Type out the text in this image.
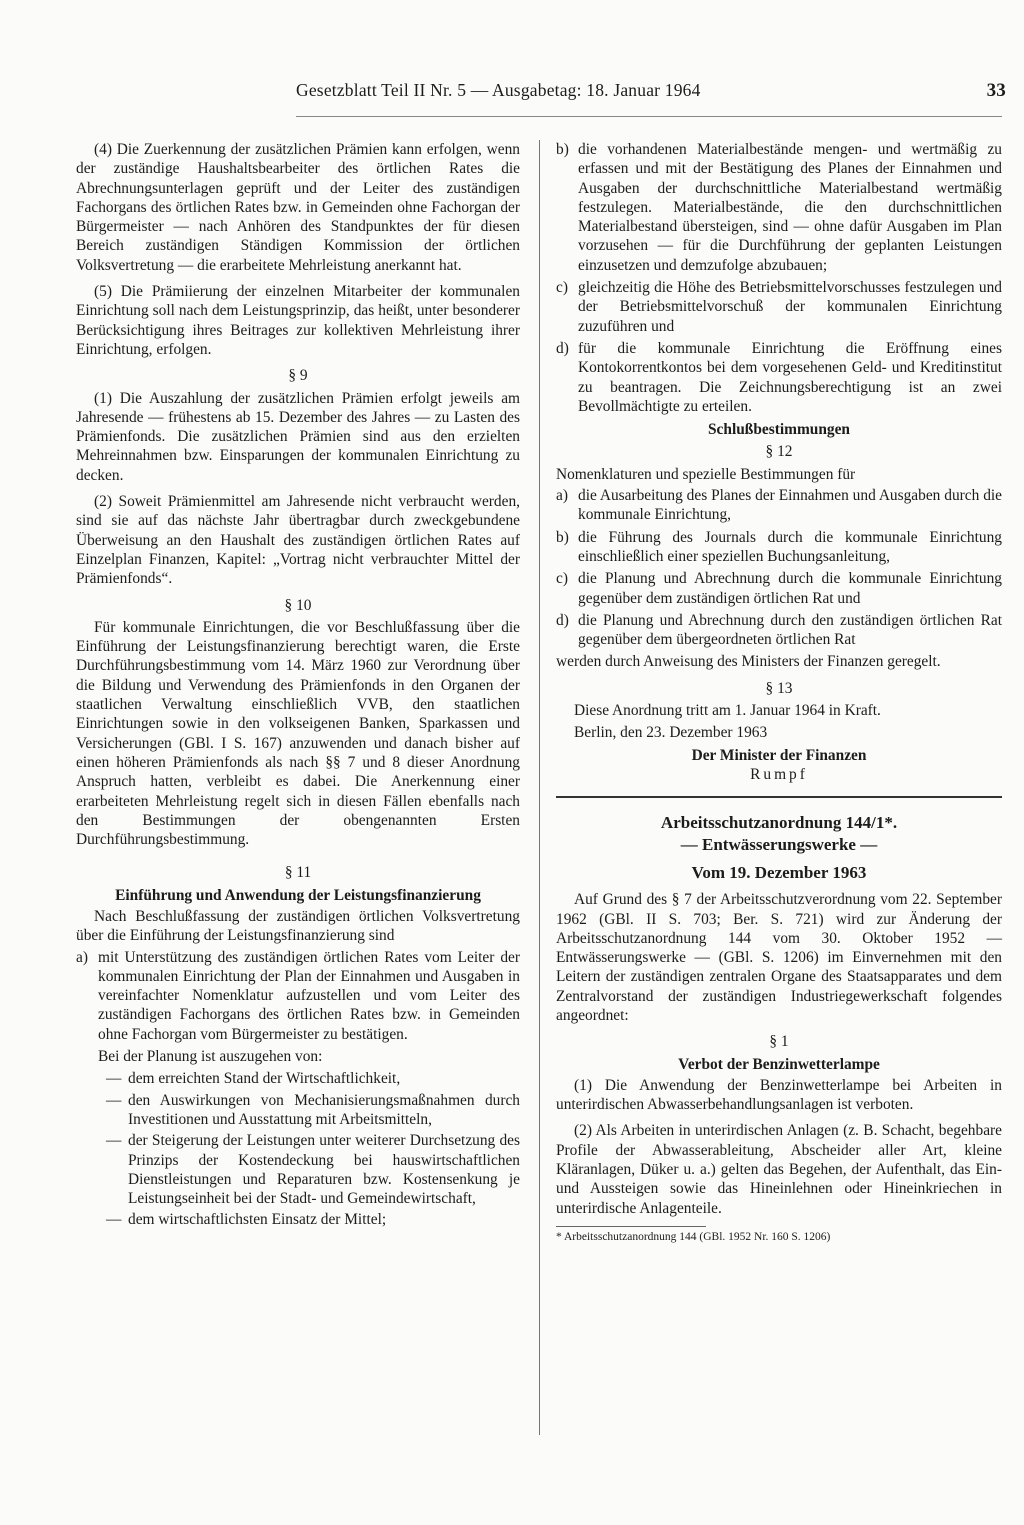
Gesetzblatt Teil II Nr. 5 — Ausgabetag: 18. Januar 1964	33

(4) Die Zuerkennung der zusätzlichen Prämien kann erfolgen, wenn der zuständige Haushaltsbearbeiter des örtlichen Rates die Abrechnungsunterlagen geprüft und der Leiter des zuständigen Fachorgans des örtlichen Rates bzw. in Gemeinden ohne Fachorgan der Bürgermeister — nach Anhören des Standpunktes der für diesen Bereich zuständigen Ständigen Kommission der örtlichen Volksvertretung — die erarbeitete Mehrleistung anerkannt hat.

(5) Die Prämiierung der einzelnen Mitarbeiter der kommunalen Einrichtung soll nach dem Leistungsprinzip, das heißt, unter besonderer Berücksichtigung ihres Beitrages zur kollektiven Mehrleistung ihrer Einrichtung, erfolgen.

§ 9

(1) Die Auszahlung der zusätzlichen Prämien erfolgt jeweils am Jahresende — frühestens ab 15. Dezember des Jahres — zu Lasten des Prämienfonds. Die zusätzlichen Prämien sind aus den erzielten Mehreinnahmen bzw. Einsparungen der kommunalen Einrichtung zu decken.

(2) Soweit Prämienmittel am Jahresende nicht verbraucht werden, sind sie auf das nächste Jahr übertragbar durch zweckgebundene Überweisung an den Haushalt des zuständigen örtlichen Rates auf Einzelplan Finanzen, Kapitel: „Vortrag nicht verbrauchter Mittel der Prämienfonds“.

§ 10

Für kommunale Einrichtungen, die vor Beschlußfassung über die Einführung der Leistungsfinanzierung berechtigt waren, die Erste Durchführungsbestimmung vom 14. März 1960 zur Verordnung über die Bildung und Verwendung des Prämienfonds in den Organen der staatlichen Verwaltung einschließlich VVB, den staatlichen Einrichtungen sowie in den volkseigenen Banken, Sparkassen und Versicherungen (GBl. I S. 167) anzuwenden und danach bisher auf einen höheren Prämienfonds als nach §§ 7 und 8 dieser Anordnung Anspruch hatten, verbleibt es dabei. Die Anerkennung einer erarbeiteten Mehrleistung regelt sich in diesen Fällen ebenfalls nach den Bestimmungen der obengenannten Ersten Durchführungsbestimmung.

§ 11
Einführung und Anwendung der Leistungsfinanzierung

Nach Beschlußfassung der zuständigen örtlichen Volksvertretung über die Einführung der Leistungsfinanzierung sind

a) mit Unterstützung des zuständigen örtlichen Rates vom Leiter der kommunalen Einrichtung der Plan der Einnahmen und Ausgaben in vereinfachter Nomenklatur aufzustellen und vom Leiter des zuständigen Fachorgans des örtlichen Rates bzw. in Gemeinden ohne Fachorgan vom Bürgermeister zu bestätigen.

Bei der Planung ist auszugehen von:

— dem erreichten Stand der Wirtschaftlichkeit,
— den Auswirkungen von Mechanisierungsmaßnahmen durch Investitionen und Ausstattung mit Arbeitsmitteln,
— der Steigerung der Leistungen unter weiterer Durchsetzung des Prinzips der Kostendeckung bei hauswirtschaftlichen Dienstleistungen und Reparaturen bzw. Kostensenkung je Leistungseinheit bei der Stadt- und Gemeindewirtschaft,
— dem wirtschaftlichsten Einsatz der Mittel;
b) die vorhandenen Materialbestände mengen- und wertmäßig zu erfassen und mit der Bestätigung des Planes der Einnahmen und Ausgaben der durchschnittliche Materialbestand wertmäßig festzulegen. Materialbestände, die den durchschnittlichen Materialbestand übersteigen, sind — ohne dafür Ausgaben im Plan vorzusehen — für die Durchführung der geplanten Leistungen einzusetzen und demzufolge abzubauen;
c) gleichzeitig die Höhe des Betriebsmittelvorschusses festzulegen und der Betriebsmittelvorschuß der kommunalen Einrichtung zuzuführen und
d) für die kommunale Einrichtung die Eröffnung eines Kontokorrentkontos bei dem vorgesehenen Geld- und Kreditinstitut zu beantragen. Die Zeichnungsberechtigung ist an zwei Bevollmächtigte zu erteilen.
Schlußbestimmungen
§ 12

Nomenklaturen und spezielle Bestimmungen für

a) die Ausarbeitung des Planes der Einnahmen und Ausgaben durch die kommunale Einrichtung,
b) die Führung des Journals durch die kommunale Einrichtung einschließlich einer speziellen Buchungsanleitung,
c) die Planung und Abrechnung durch die kommunale Einrichtung gegenüber dem zuständigen örtlichen Rat und
d) die Planung und Abrechnung durch den zuständigen örtlichen Rat gegenüber dem übergeordneten örtlichen Rat

werden durch Anweisung des Ministers der Finanzen geregelt.

§ 13

Diese Anordnung tritt am 1. Januar 1964 in Kraft.

Berlin, den 23. Dezember 1963

Der Minister der Finanzen
Rumpf
Arbeitsschutzanordnung 144/1*.
— Entwässerungswerke —
Vom 19. Dezember 1963

Auf Grund des § 7 der Arbeitsschutzverordnung vom 22. September 1962 (GBl. II S. 703; Ber. S. 721) wird zur Änderung der Arbeitsschutzanordnung 144 vom 30. Oktober 1952 — Entwässerungswerke — (GBl. S. 1206) im Einvernehmen mit den Leitern der zuständigen zentralen Organe des Staatsapparates und dem Zentralvorstand der zuständigen Industriegewerkschaft folgendes angeordnet:

§ 1
Verbot der Benzinwetterlampe

(1) Die Anwendung der Benzinwetterlampe bei Arbeiten in unterirdischen Abwasserbehandlungsanlagen ist verboten.

(2) Als Arbeiten in unterirdischen Anlagen (z. B. Schacht, begehbare Profile der Abwasserableitung, Abscheider aller Art, kleine Kläranlagen, Düker u. a.) gelten das Begehen, der Aufenthalt, das Ein- und Aussteigen sowie das Hineinlehnen oder Hineinkriechen in unterirdische Anlagenteile.

* Arbeitsschutzanordnung 144 (GBl. 1952 Nr. 160 S. 1206)
